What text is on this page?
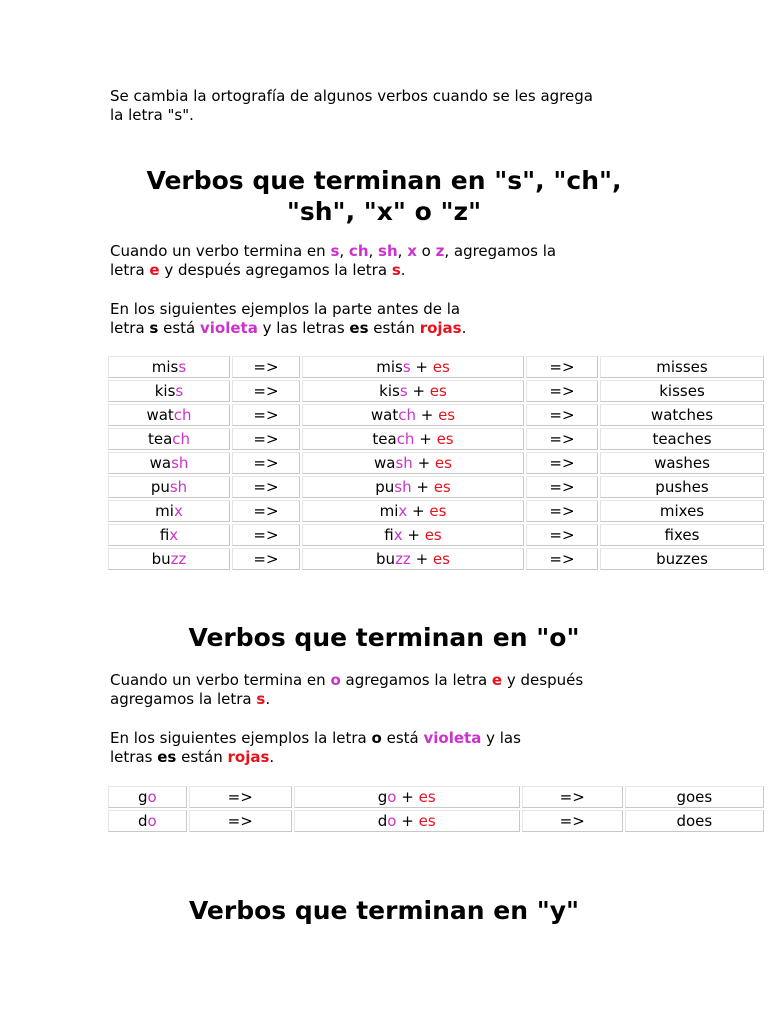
Se cambia la ortografía de algunos verbos cuando se les agrega
la letra "s".

Verbos que terminan en "s", "ch",
"sh", "x" o "z"

Cuando un verbo termina en s, ch, sh, x o z, agregamos la
letra e y después agregamos la letra s.

En los siguientes ejemplos la parte antes de la
letra s está violeta y las letras es están rojas.

miss	=>	miss + es	=>	misses
kiss	=>	kiss + es	=>	kisses
watch	=>	watch + es	=>	watches
teach	=>	teach + es	=>	teaches
wash	=>	wash + es	=>	washes
push	=>	push + es	=>	pushes
mix	=>	mix + es	=>	mixes
fix	=>	fix + es	=>	fixes
buzz	=>	buzz + es	=>	buzzes
Verbos que terminan en "o"

Cuando un verbo termina en o agregamos la letra e y después
agregamos la letra s.

En los siguientes ejemplos la letra o está violeta y las
letras es están rojas.

go	=>	go + es	=>	goes
do	=>	do + es	=>	does
Verbos que terminan en "y"
